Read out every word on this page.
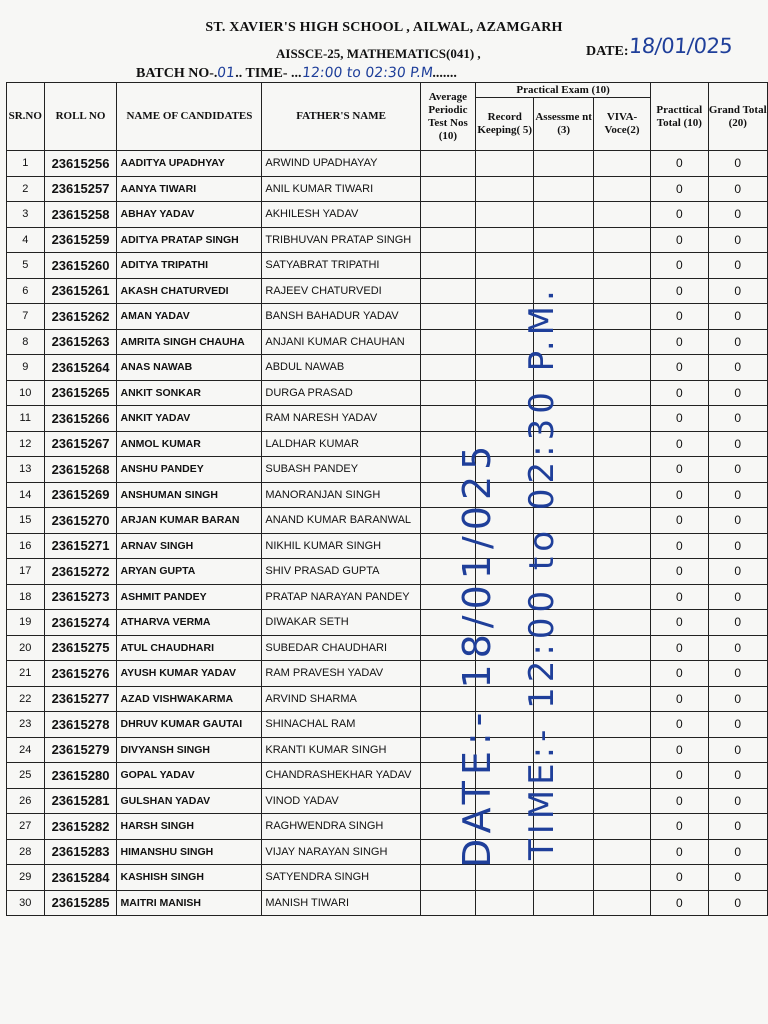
ST. XAVIER'S HIGH SCHOOL , AILWAL, AZAMGARH
AISSCE-25, MATHEMATICS(041) ,	DATE: 18/01/025
BATCH NO-.01.. TIME- ...12:00 to 02:30 P.M.......
SR.NO	ROLL NO	NAME OF CANDIDATES	FATHER'S NAME	Average Periodic Test Nos (10)	Practical Exam (10)			Practtical Total (10)	Grand Total (20)
					Record Keeping( 5)	Assessme nt (3)	VIVA-Voce(2)		
1	23615256	AADITYA UPADHYAY	ARWIND UPADHAYAY					0	0
2	23615257	AANYA TIWARI	ANIL KUMAR TIWARI					0	0
3	23615258	ABHAY YADAV	AKHILESH YADAV					0	0
4	23615259	ADITYA PRATAP SINGH	TRIBHUVAN PRATAP SINGH					0	0
5	23615260	ADITYA TRIPATHI	SATYABRAT TRIPATHI					0	0
6	23615261	AKASH CHATURVEDI	RAJEEV CHATURVEDI					0	0
7	23615262	AMAN YADAV	BANSH BAHADUR YADAV					0	0
8	23615263	AMRITA SINGH CHAUHA	ANJANI KUMAR CHAUHAN					0	0
9	23615264	ANAS NAWAB	ABDUL NAWAB					0	0
10	23615265	ANKIT SONKAR	DURGA PRASAD					0	0
11	23615266	ANKIT YADAV	RAM NARESH YADAV					0	0
12	23615267	ANMOL KUMAR	LALDHAR KUMAR					0	0
13	23615268	ANSHU PANDEY	SUBASH PANDEY					0	0
14	23615269	ANSHUMAN SINGH	MANORANJAN SINGH					0	0
15	23615270	ARJAN KUMAR BARAN	ANAND KUMAR BARANWAL					0	0
16	23615271	ARNAV SINGH	NIKHIL KUMAR SINGH					0	0
17	23615272	ARYAN GUPTA	SHIV PRASAD GUPTA					0	0
18	23615273	ASHMIT PANDEY	PRATAP NARAYAN PANDEY					0	0
19	23615274	ATHARVA VERMA	DIWAKAR SETH					0	0
20	23615275	ATUL CHAUDHARI	SUBEDAR CHAUDHARI					0	0
21	23615276	AYUSH KUMAR YADAV	RAM PRAVESH YADAV					0	0
22	23615277	AZAD VISHWAKARMA	ARVIND SHARMA					0	0
23	23615278	DHRUV KUMAR GAUTAI	SHINACHAL RAM					0	0
24	23615279	DIVYANSH SINGH	KRANTI KUMAR SINGH					0	0
25	23615280	GOPAL YADAV	CHANDRASHEKHAR YADAV					0	0
26	23615281	GULSHAN YADAV	VINOD YADAV					0	0
27	23615282	HARSH SINGH	RAGHWENDRA SINGH					0	0
28	23615283	HIMANSHU SINGH	VIJAY NARAYAN SINGH					0	0
29	23615284	KASHISH SINGH	SATYENDRA SINGH					0	0
30	23615285	MAITRI MANISH	MANISH TIWARI					0	0
DATE:- 18/01/025 TIME:- 12:00 to 02:30 P.M.
